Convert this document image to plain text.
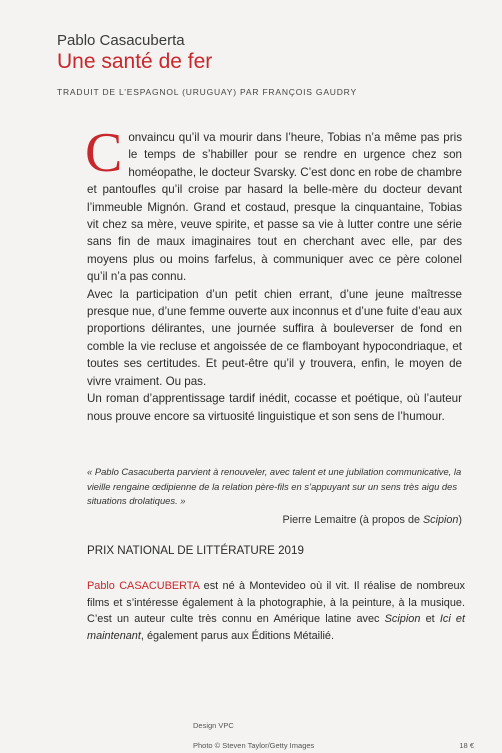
Pablo Casacuberta
Une santé de fer
TRADUIT DE L’ESPAGNOL (URUGUAY) PAR FRANÇOIS GAUDRY

Convaincu qu’il va mourir dans l’heure, Tobias n’a même pas pris le temps de s’habiller pour se rendre en urgence chez son homéopathe, le docteur Svarsky. C’est donc en robe de chambre et pantoufles qu’il croise par hasard la belle-mère du docteur devant l’immeuble Mignón. Grand et costaud, presque la cinquantaine, Tobias vit chez sa mère, veuve spirite, et passe sa vie à lutter contre une série sans fin de maux imaginaires tout en cherchant avec elle, par des moyens plus ou moins farfelus, à communiquer avec ce père colonel qu’il n’a pas connu.

Avec la participation d’un petit chien errant, d’une jeune maîtresse presque nue, d’une femme ouverte aux inconnus et d’une fuite d’eau aux proportions délirantes, une journée suffira à bouleverser de fond en comble la vie recluse et angoissée de ce flamboyant hypocondriaque, et toutes ses certitudes. Et peut-être qu’il y trouvera, enfin, le moyen de vivre vraiment. Ou pas.

Un roman d’apprentissage tardif inédit, cocasse et poétique, où l’auteur nous prouve encore sa virtuosité linguistique et son sens de l’humour.

« Pablo Casacuberta parvient à renouveler, avec talent et une jubilation communicative, la vieille rengaine œdipienne de la relation père-fils en s’appuyant sur un sens très aigu des situations drolatiques. »
Pierre Lemaitre (à propos de Scipion)
PRIX NATIONAL DE LITTÉRATURE 2019
Pablo CASACUBERTA est né à Montevideo où il vit. Il réalise de nombreux films et s’intéresse également à la photographie, à la peinture, à la musique. C’est un auteur culte très connu en Amérique latine avec Scipion et Ici et maintenant, également parus aux Éditions Métailié.
Design VPC
Photo © Steven Taylor/Getty Images	18 €
